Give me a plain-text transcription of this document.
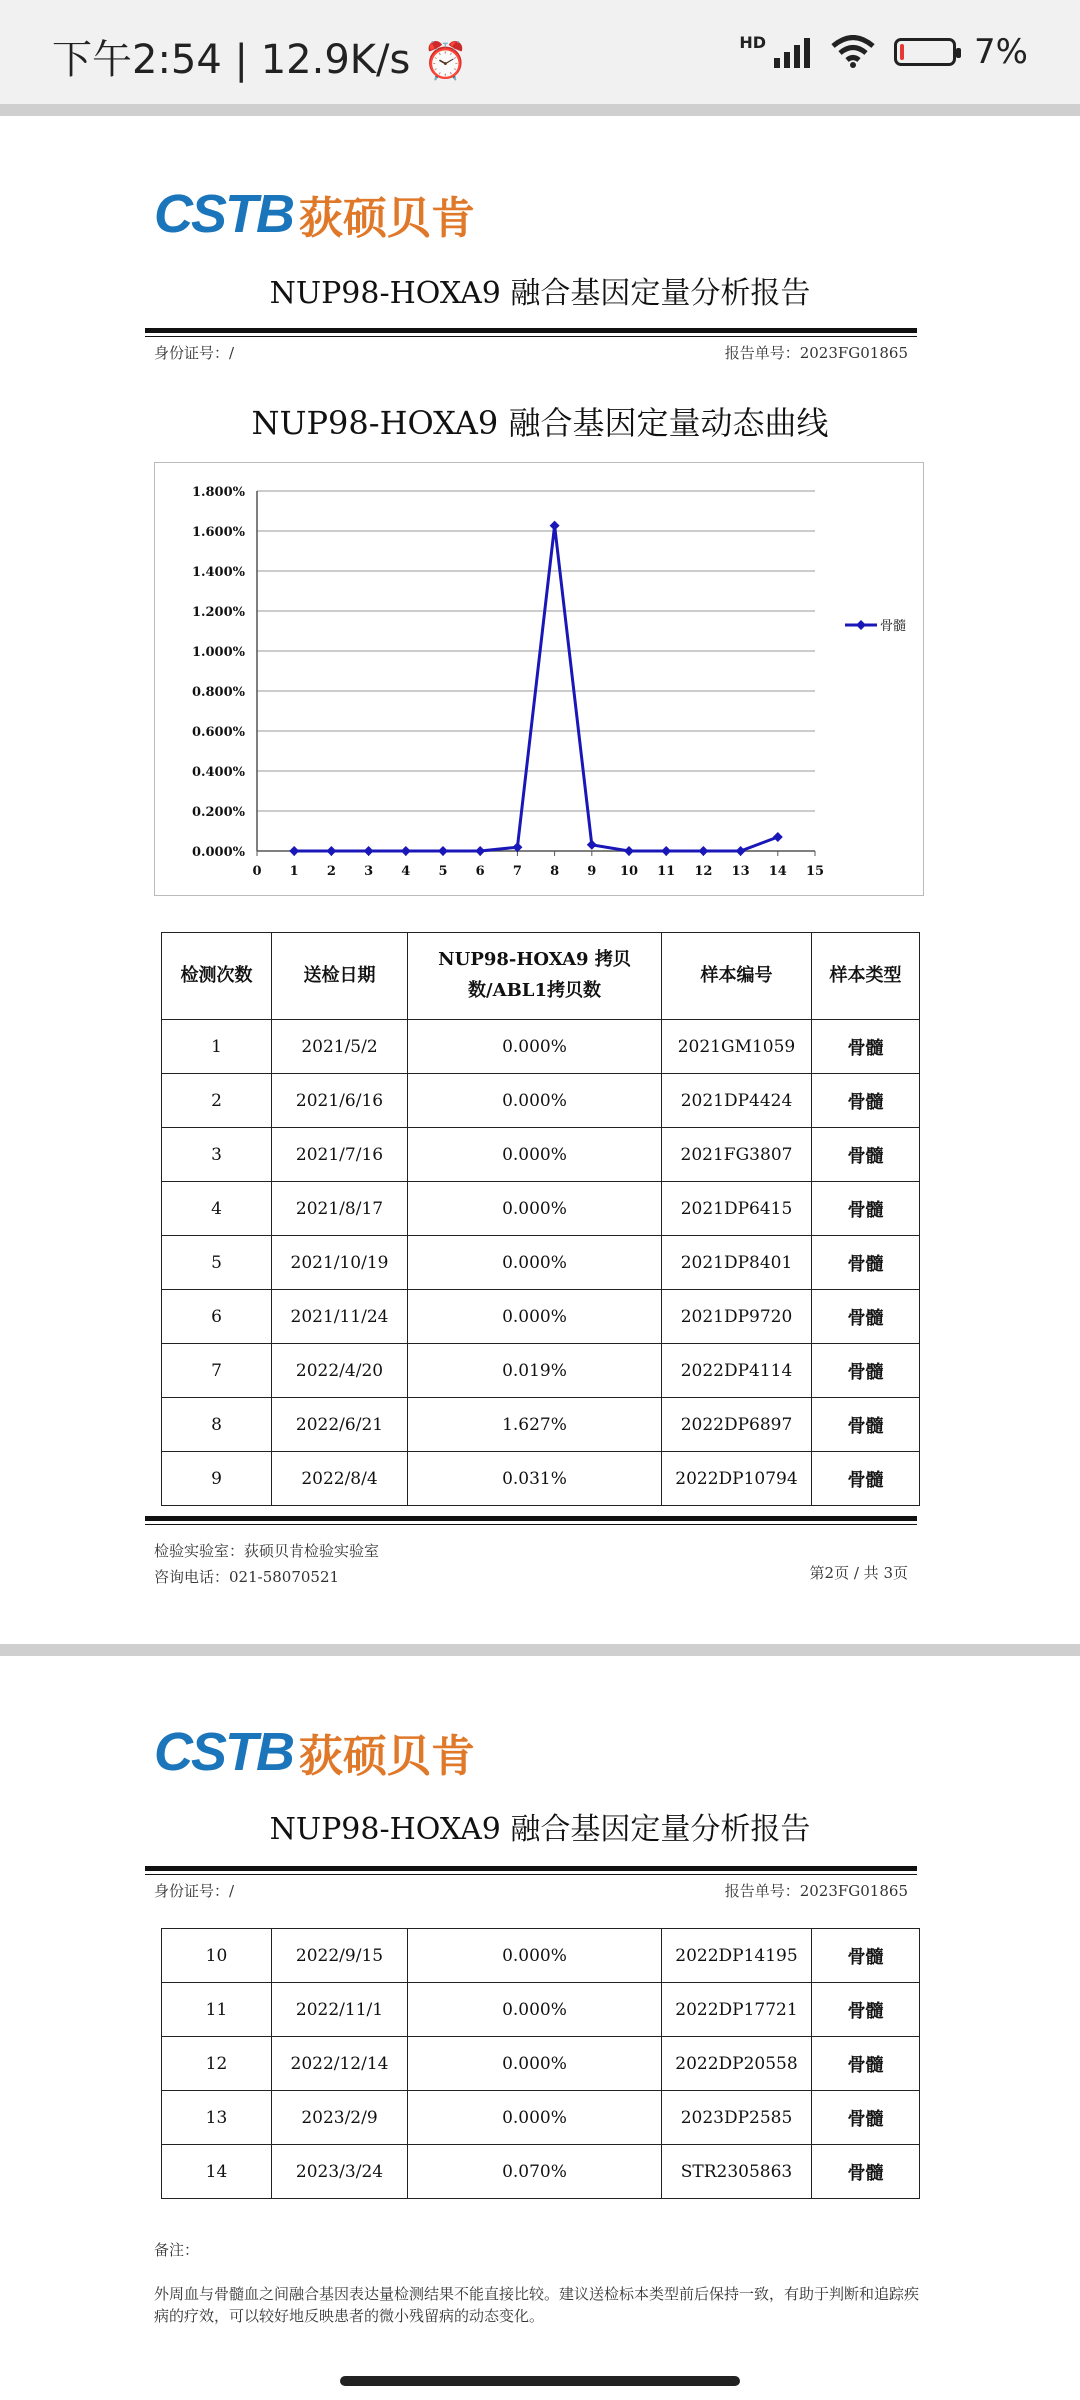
下午2:54 | 12.9K/s ⏰	HD	7%
CSTB 荻硕贝肯
NUP98-HOXA9 融合基因定量分析报告
身份证号：/	报告单号：2023FG01865
NUP98-HOXA9 融合基因定量动态曲线
0.000%
0.200%
0.400%
0.600%
0.800%
1.000%
1.200%
1.400%
1.600%
1.800%
0 1 2 3 4 5 6 7 8 9 10 11 12 13 14 15
骨髓
检测次数	送检日期	NUP98-HOXA9 拷贝数/ABL1拷贝数	样本编号	样本类型
1	2021/5/2	0.000%	2021GM1059	骨髓
2	2021/6/16	0.000%	2021DP4424	骨髓
3	2021/7/16	0.000%	2021FG3807	骨髓
4	2021/8/17	0.000%	2021DP6415	骨髓
5	2021/10/19	0.000%	2021DP8401	骨髓
6	2021/11/24	0.000%	2021DP9720	骨髓
7	2022/4/20	0.019%	2022DP4114	骨髓
8	2022/6/21	1.627%	2022DP6897	骨髓
9	2022/8/4	0.031%	2022DP10794	骨髓
检验实验室：荻硕贝肯检验实验室
咨询电话：021-58070521	第2页 / 共 3页
CSTB 荻硕贝肯
NUP98-HOXA9 融合基因定量分析报告
身份证号：/	报告单号：2023FG01865
10	2022/9/15	0.000%	2022DP14195	骨髓
11	2022/11/1	0.000%	2022DP17721	骨髓
12	2022/12/14	0.000%	2022DP20558	骨髓
13	2023/2/9	0.000%	2023DP2585	骨髓
14	2023/3/24	0.070%	STR2305863	骨髓
备注：
外周血与骨髓血之间融合基因表达量检测结果不能直接比较。建议送检标本类型前后保持一致，有助于判断和追踪疾病的疗效，可以较好地反映患者的微小残留病的动态变化。
